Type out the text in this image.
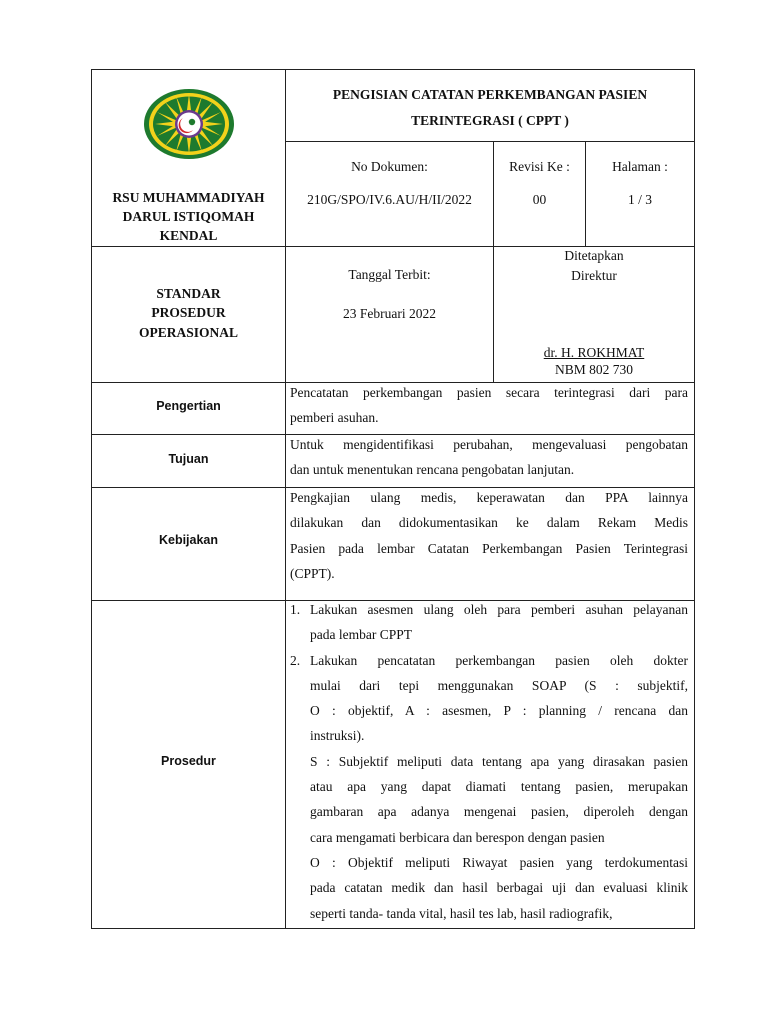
PENGISIAN CATATAN PERKEMBANGAN PASIEN
TERINTEGRASI ( CPPT )
RSU MUHAMMADIYAH
DARUL ISTIQOMAH
KENDAL
No Dokumen:
210G/SPO/IV.6.AU/H/II/2022
Revisi Ke :
00
Halaman :
1 / 3
STANDAR
PROSEDUR
OPERASIONAL
Tanggal Terbit:
23 Februari 2022
Ditetapkan
Direktur
dr. H. ROKHMAT
NBM 802 730
Pengertian

Pencatatan perkembangan pasien secara terintegrasi dari para

pemberi asuhan.

Tujuan

Untuk mengidentifikasi perubahan, mengevaluasi pengobatan

dan untuk menentukan rencana pengobatan lanjutan.

Kebijakan

Pengkajian ulang medis, keperawatan dan PPA lainnya

dilakukan dan didokumentasikan ke dalam Rekam Medis

Pasien pada lembar Catatan Perkembangan Pasien Terintegrasi

(CPPT).

Prosedur
1. Lakukan asesmen ulang oleh para pemberi asuhan pelayanan

pada lembar CPPT

2. Lakukan pencatatan perkembangan pasien oleh dokter

mulai dari tepi menggunakan SOAP (S : subjektif,

O : objektif, A : asesmen, P : planning / rencana dan

instruksi).

S : Subjektif meliputi data tentang apa yang dirasakan pasien

atau apa yang dapat diamati tentang pasien, merupakan

gambaran apa adanya mengenai pasien, diperoleh dengan

cara mengamati berbicara dan berespon dengan pasien

O : Objektif meliputi Riwayat pasien yang terdokumentasi

pada catatan medik dan hasil berbagai uji dan evaluasi klinik

seperti tanda- tanda vital, hasil tes lab, hasil radiografik,
